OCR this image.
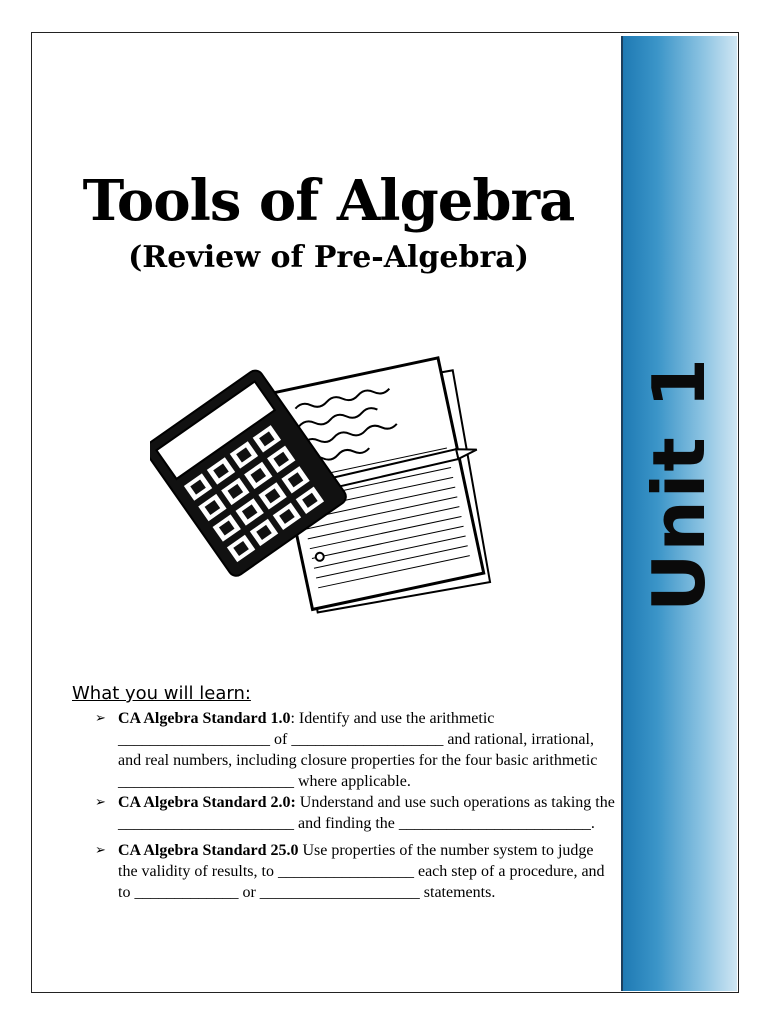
Unit 1
Tools of Algebra
(Review of Pre-Algebra)
What you will learn:
➢ CA Algebra Standard 1.0: Identify and use the arithmetic ___________________ of ___________________ and rational, irrational, and real numbers, including closure properties for the four basic arithmetic ______________________ where applicable.
➢ CA Algebra Standard 2.0: Understand and use such operations as taking the ______________________ and finding the ________________________.
➢ CA Algebra Standard 25.0 Use properties of the number system to judge the validity of results, to _________________ each step of a procedure, and to _____________ or ____________________ statements.
